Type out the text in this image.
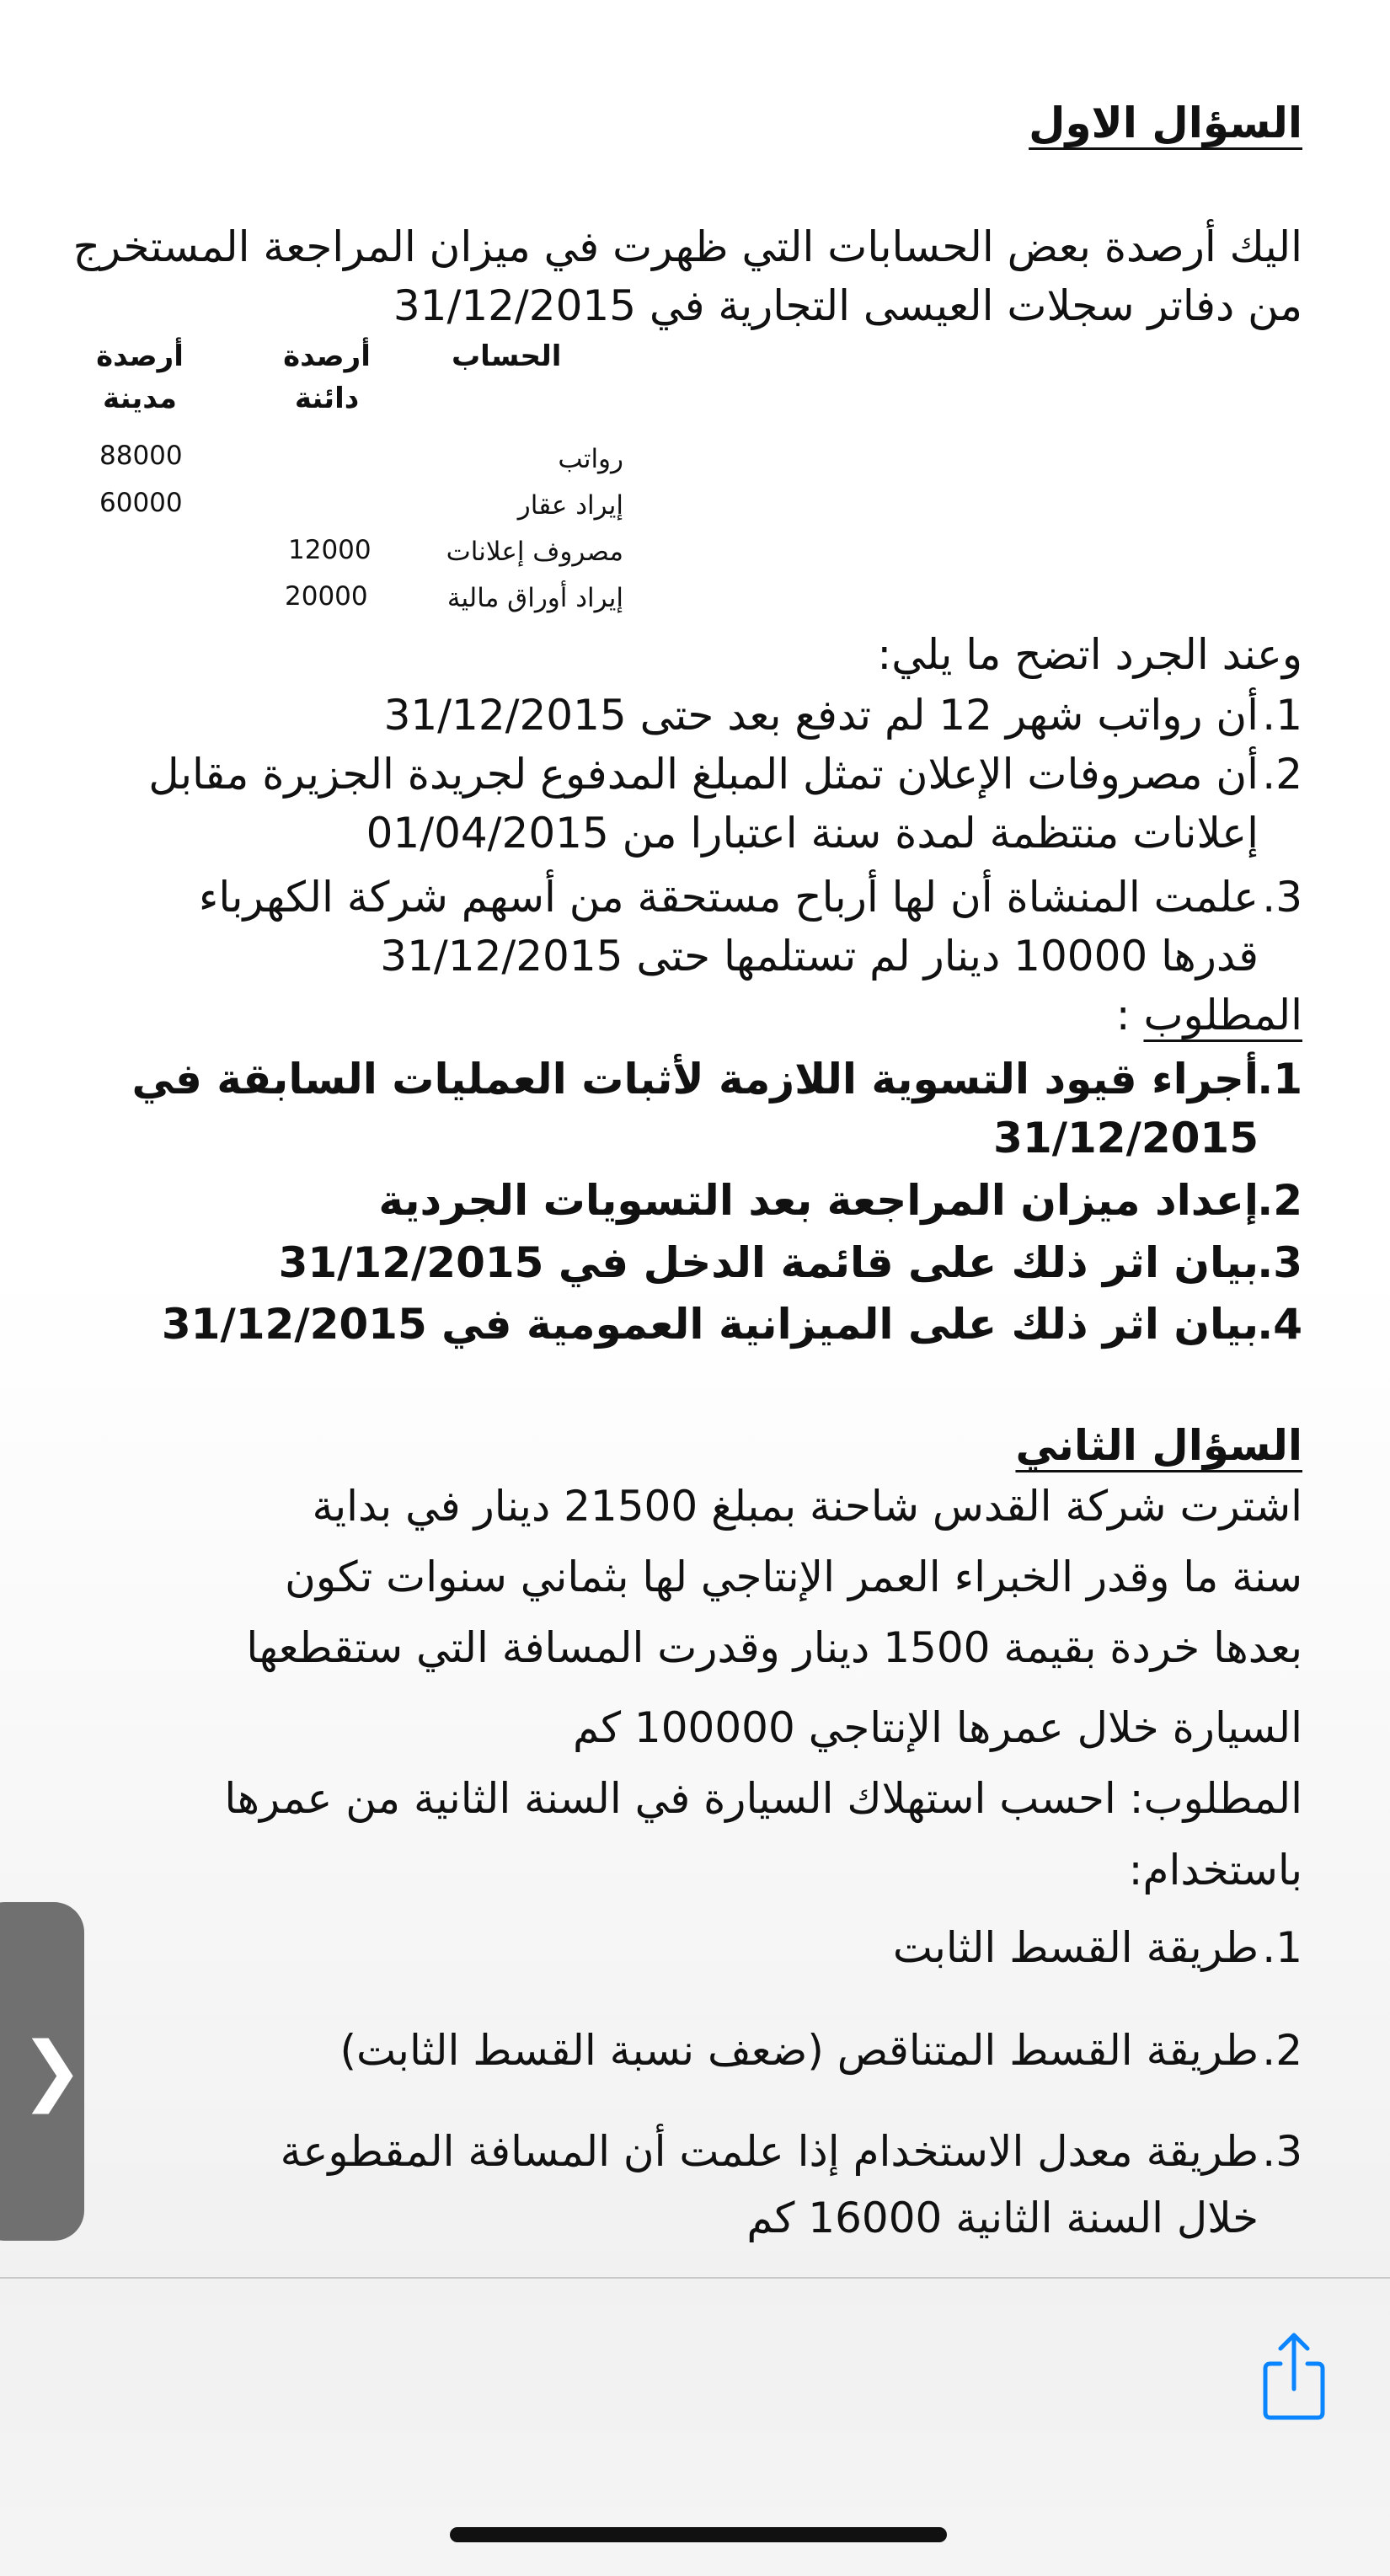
السؤال الاول
اليك أرصدة بعض الحسابات التي ظهرت في ميزان المراجعة المستخرج
من دفاتر سجلات العيسى التجارية في 31/12/2015
الحساب
أرصدة
دائنة
أرصدة
مدينة
رواتب
88000
إيراد عقار
60000
مصروف إعلانات
12000
إيراد أوراق مالية
20000
وعند الجرد اتضح ما يلي:
1.أن رواتب شهر 12 لم تدفع بعد حتى 31/12/2015
2.أن مصروفات الإعلان تمثل المبلغ المدفوع لجريدة الجزيرة مقابل
إعلانات منتظمة لمدة سنة اعتبارا من 01/04/2015
3.علمت المنشاة أن لها أرباح مستحقة من أسهم شركة الكهرباء
قدرها 10000 دينار لم تستلمها حتى 31/12/2015
المطلوب :
1.أجراء قيود التسوية اللازمة لأثبات العمليات السابقة في
31/12/2015
2.إعداد ميزان المراجعة بعد التسويات الجردية
3.بيان اثر ذلك على قائمة الدخل في 31/12/2015
4.بيان اثر ذلك على الميزانية العمومية في 31/12/2015
السؤال الثاني
اشترت شركة القدس شاحنة بمبلغ 21500 دينار في بداية
سنة ما وقدر الخبراء العمر الإنتاجي لها بثماني سنوات تكون
بعدها خردة بقيمة 1500 دينار وقدرت المسافة التي ستقطعها
السيارة خلال عمرها الإنتاجي 100000 كم
المطلوب: احسب استهلاك السيارة في السنة الثانية من عمرها
باستخدام:
1.طريقة القسط الثابت
2.طريقة القسط المتناقص (ضعف نسبة القسط الثابت)
3.طريقة معدل الاستخدام إذا علمت أن المسافة المقطوعة
خلال السنة الثانية 16000 كم
❯
